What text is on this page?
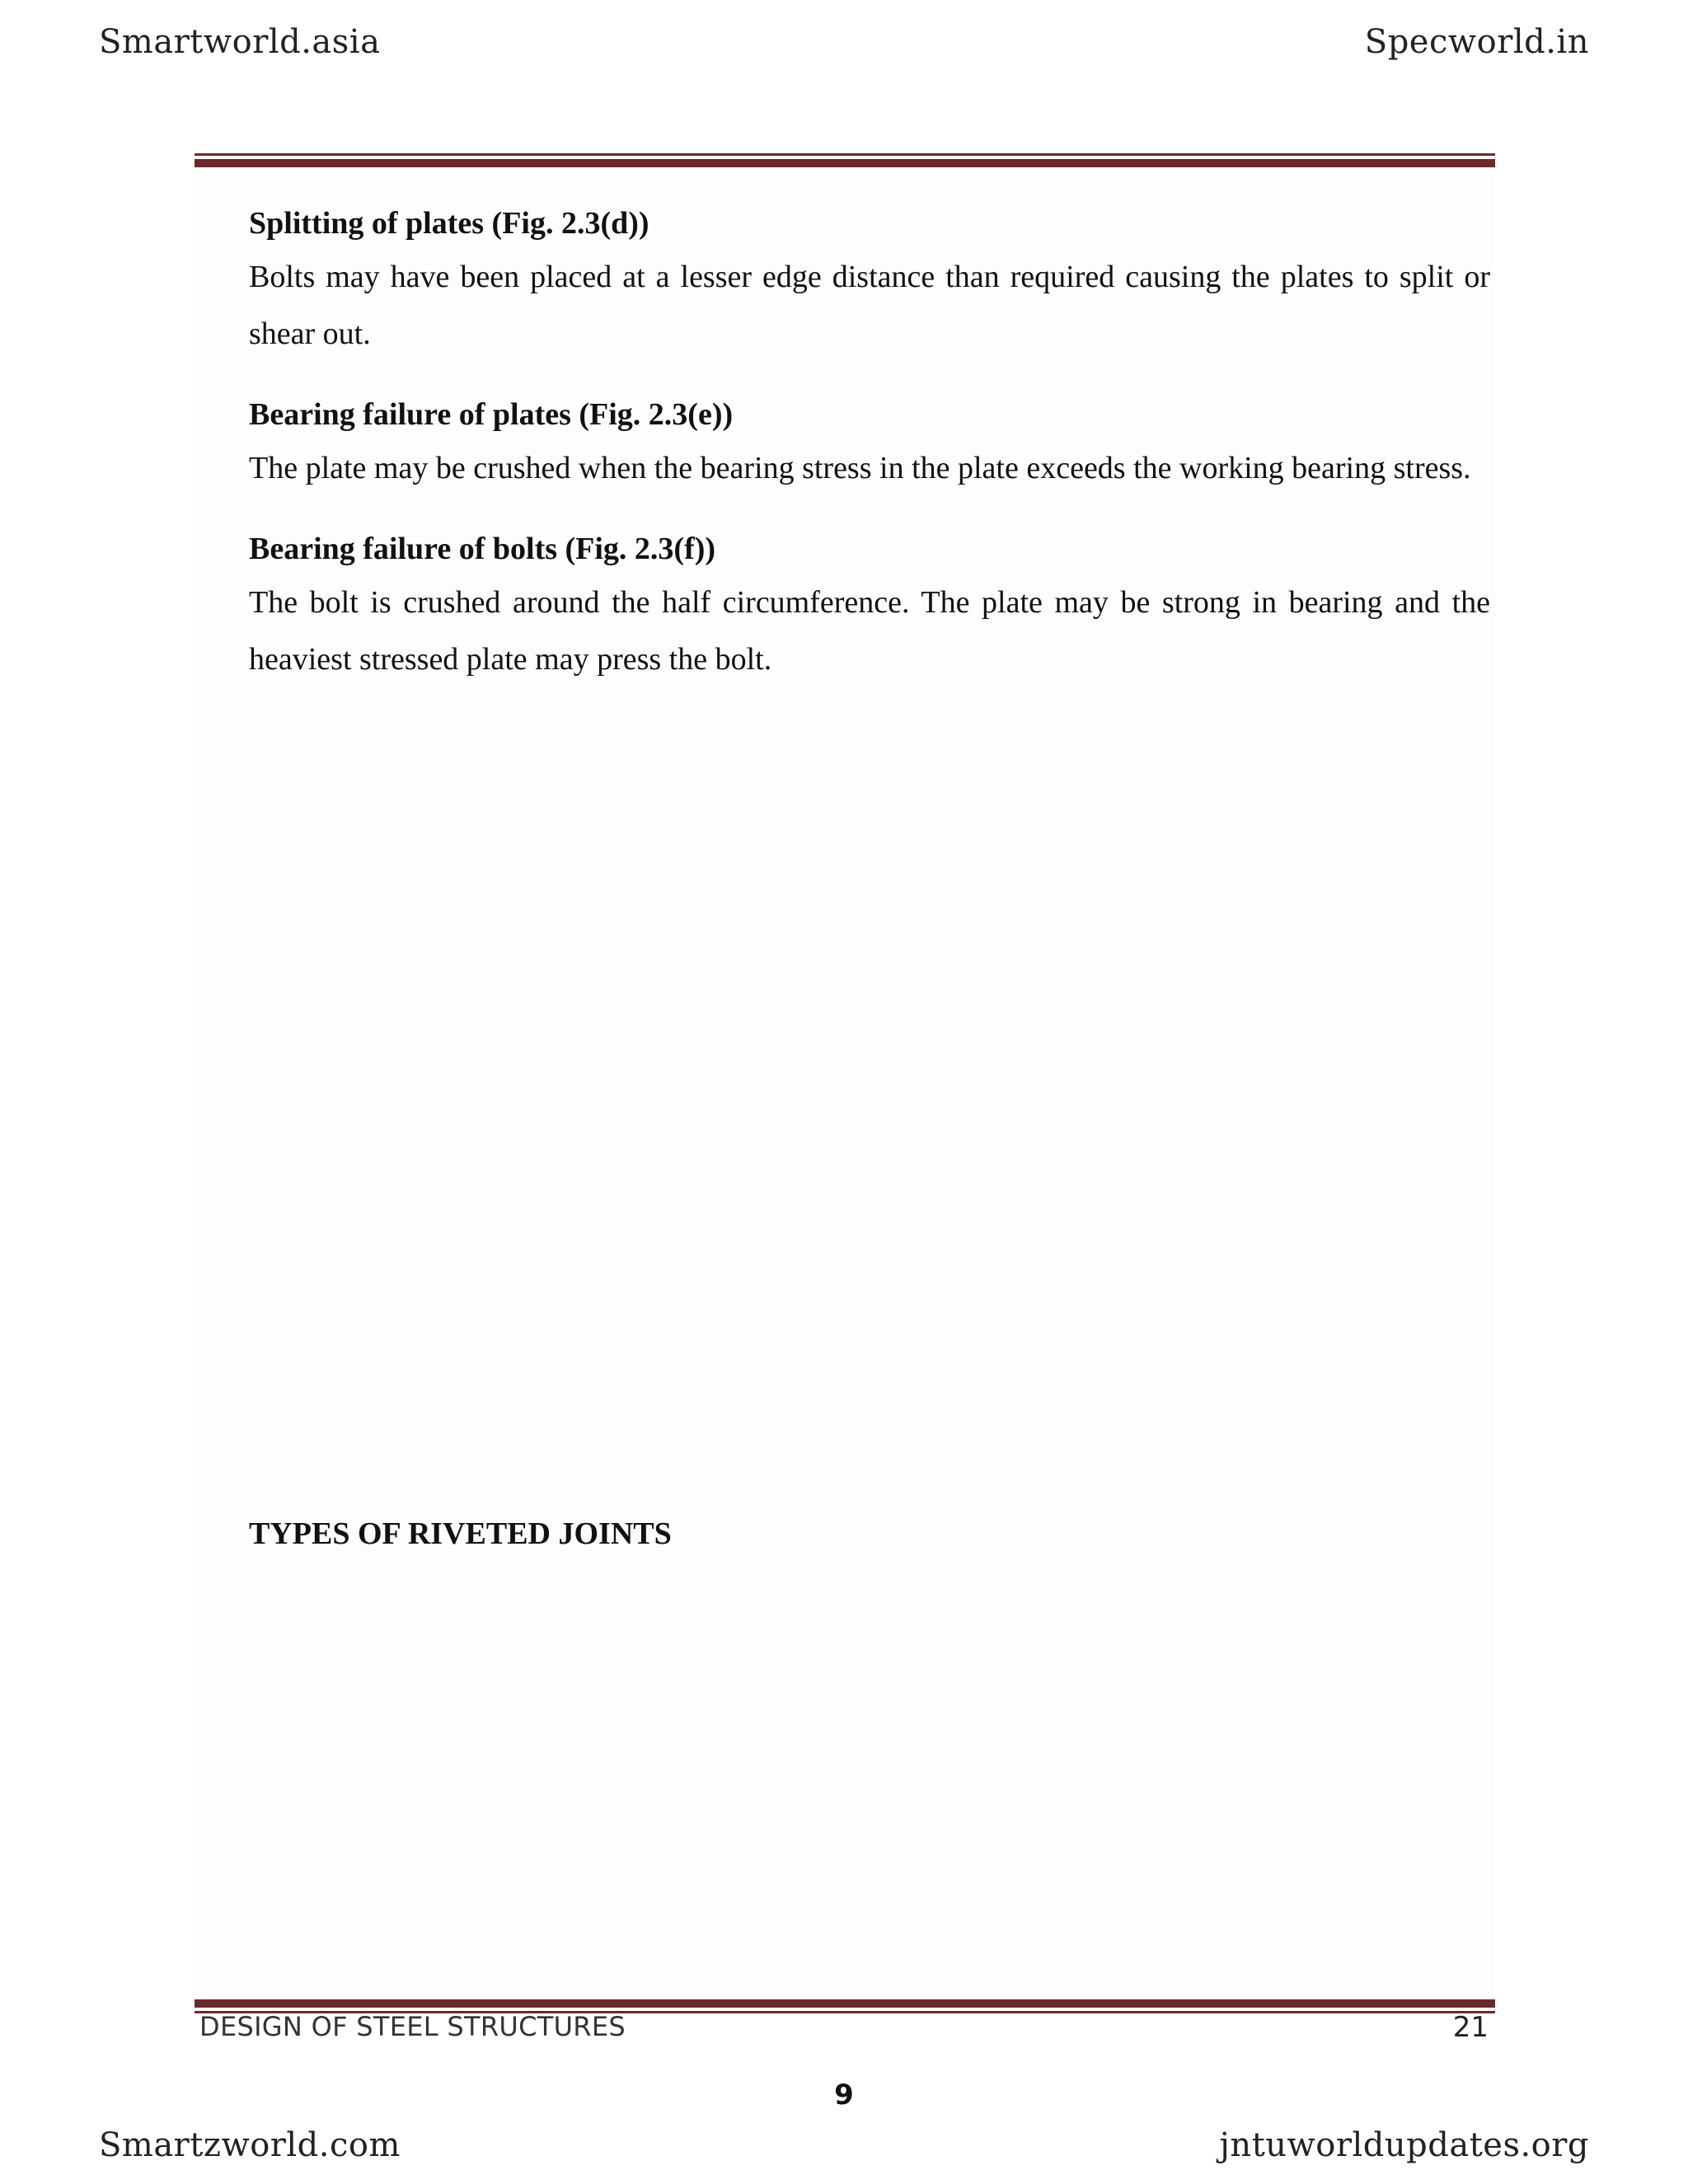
Smartworld.asia	Specworld.in

Splitting of plates (Fig. 2.3(d))

Bolts may have been placed at a lesser edge distance than required causing the plates to split or shear out.

Bearing failure of plates (Fig. 2.3(e))

The plate may be crushed when the bearing stress in the plate exceeds the working bearing stress.

Bearing failure of bolts (Fig. 2.3(f))

The bolt is crushed around the half circumference. The plate may be strong in bearing and the heaviest stressed plate may press the bolt.

TYPES OF RIVETED JOINTS
DESIGN OF STEEL STRUCTURES	21
9
Smartzworld.com	jntuworldupdates.org
